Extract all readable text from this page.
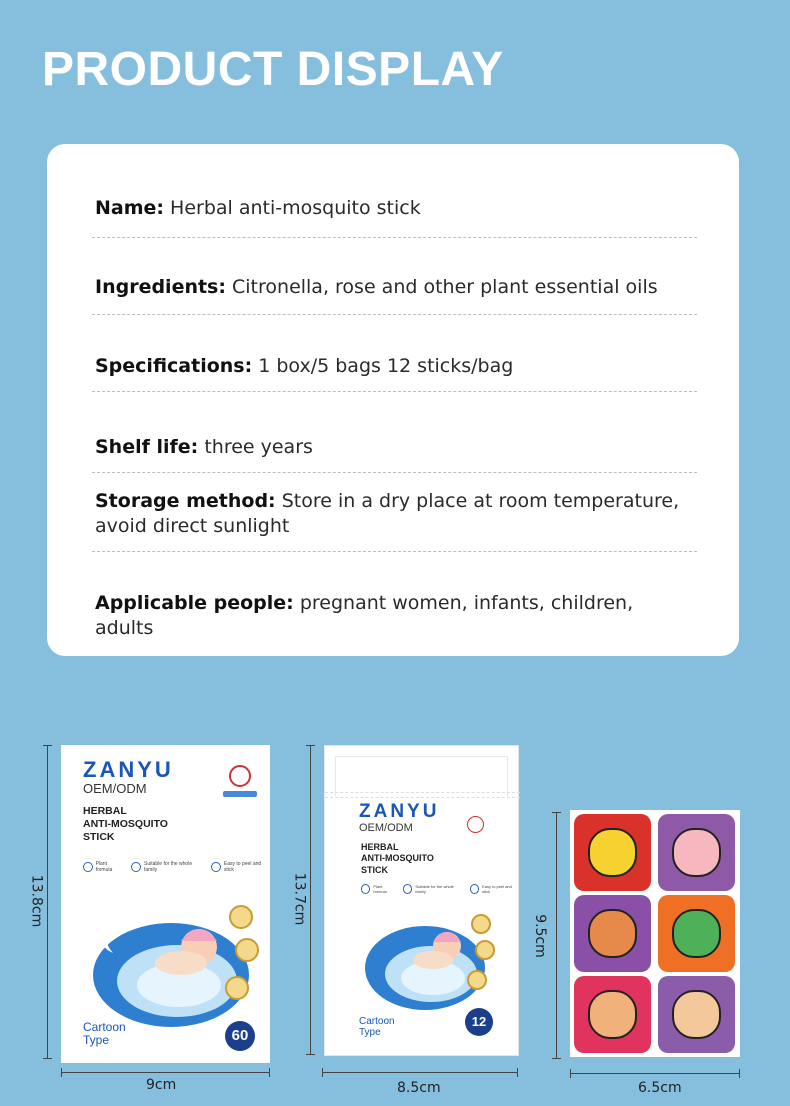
PRODUCT DISPLAY
Name: Herbal anti-mosquito stick
Ingredients: Citronella, rose and other plant essential oils
Specifications: 1 box/5 bags 12 sticks/bag
Shelf life: three years
Storage method: Store in a dry place at room temperature, avoid direct sunlight
Applicable people: pregnant women, infants, children, adults
13.8cm
ZANYU
OEM/ODM
HERBAL
ANTI-MOSQUITO
STICK
Plant formula
Suitable for the whole family
Easy to peel and stick
Cartoon
Type	60
9cm
13.7cm
ZANYU
OEM/ODM
HERBAL
ANTI-MOSQUITO
STICK
Plant formula
Suitable for the whole family
Easy to peel and stick
Cartoon
Type
12
8.5cm
9.5cm
6.5cm
